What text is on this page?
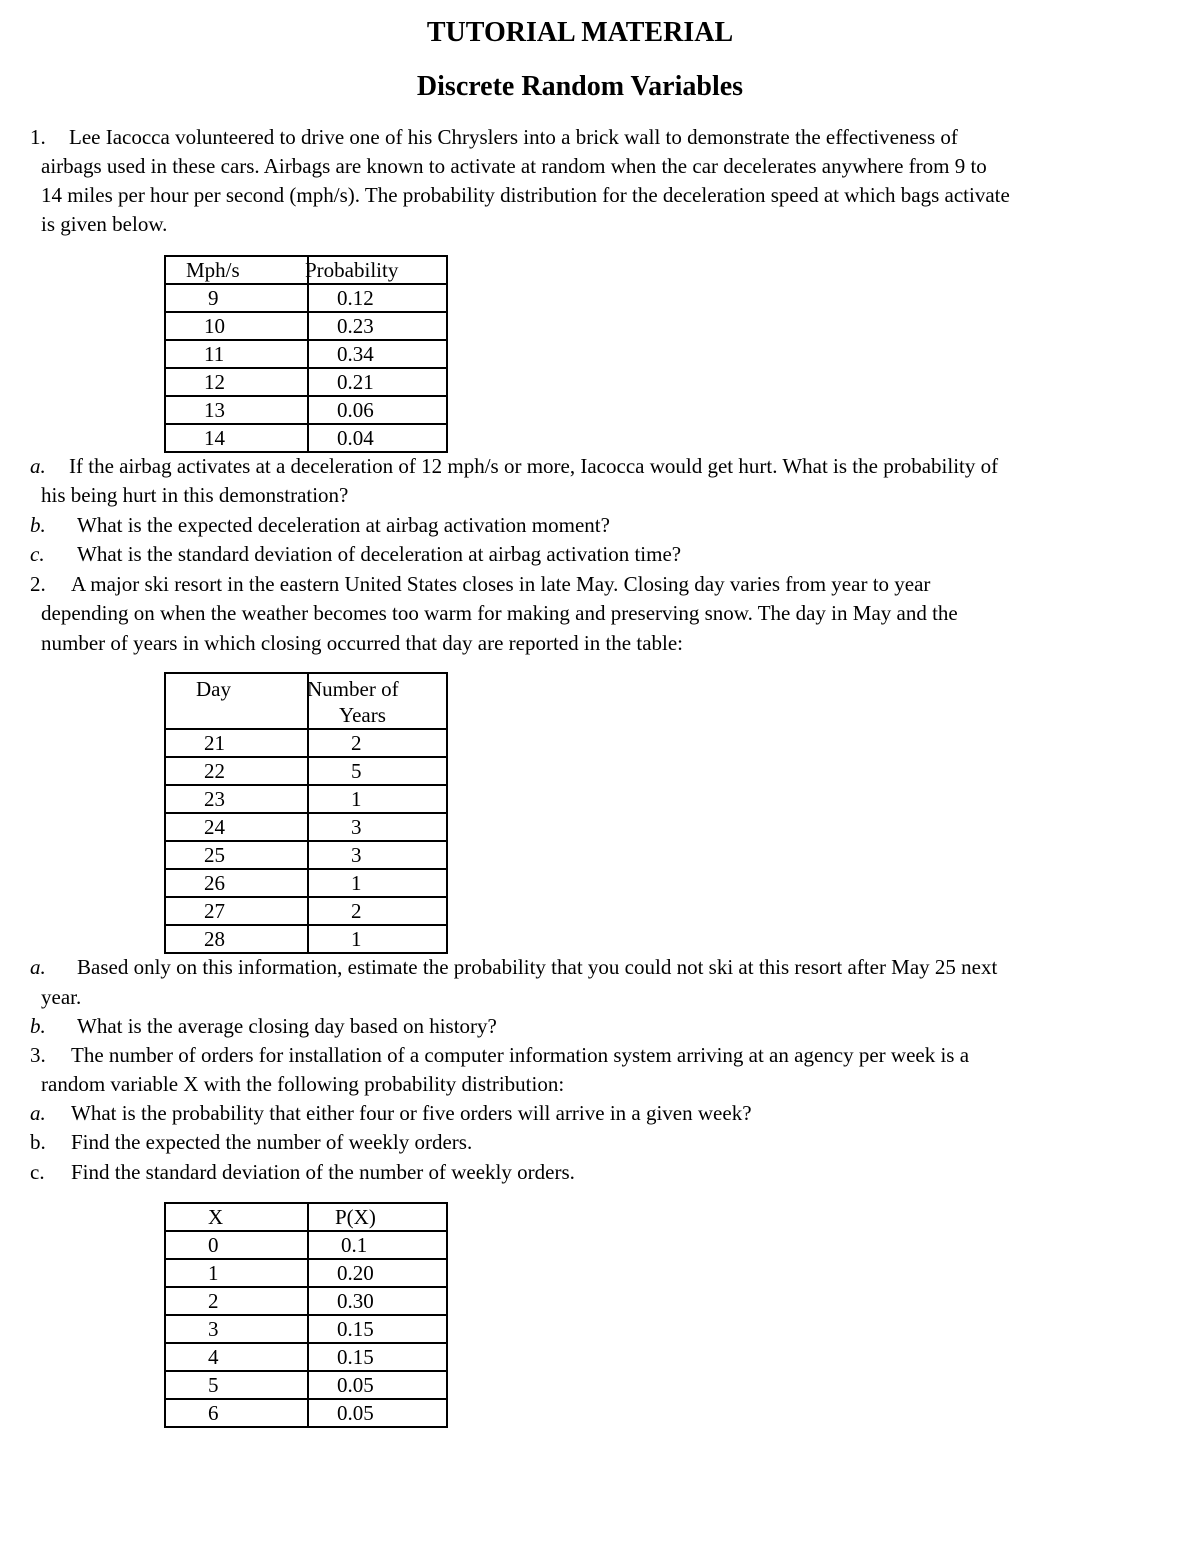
TUTORIAL MATERIAL
Discrete Random Variables
1. Lee Iacocca volunteered to drive one of his Chryslers into a brick wall to demonstrate the effectiveness of

airbags used in these cars. Airbags are known to activate at random when the car decelerates anywhere from 9 to

14 miles per hour per second (mph/s). The probability distribution for the deceleration speed at which bags activate

is given below.

Mph/s	Probability
9	0.12
10	0.23
11	0.34
12	0.21
13	0.06
14	0.04
a. If the airbag activates at a deceleration of 12 mph/s or more, Iacocca would get hurt. What is the probability of

his being hurt in this demonstration?

b. What is the expected deceleration at airbag activation moment?

c. What is the standard deviation of deceleration at airbag activation time?

2. A major ski resort in the eastern United States closes in late May. Closing day varies from year to year

depending on when the weather becomes too warm for making and preserving snow. The day in May and the

number of years in which closing occurred that day are reported in the table:

Day	Number of
Years

21	2
22	5
23	1
24	3
25	3
26	1
27	2
28	1
a. Based only on this information, estimate the probability that you could not ski at this resort after May 25 next

year.

b. What is the average closing day based on history?

3. The number of orders for installation of a computer information system arriving at an agency per week is a

random variable X with the following probability distribution:

a. What is the probability that either four or five orders will arrive in a given week?

b. Find the expected the number of weekly orders.

c. Find the standard deviation of the number of weekly orders.

X	P(X)
0	0.1
1	0.20
2	0.30
3	0.15
4	0.15
5	0.05
6	0.05
